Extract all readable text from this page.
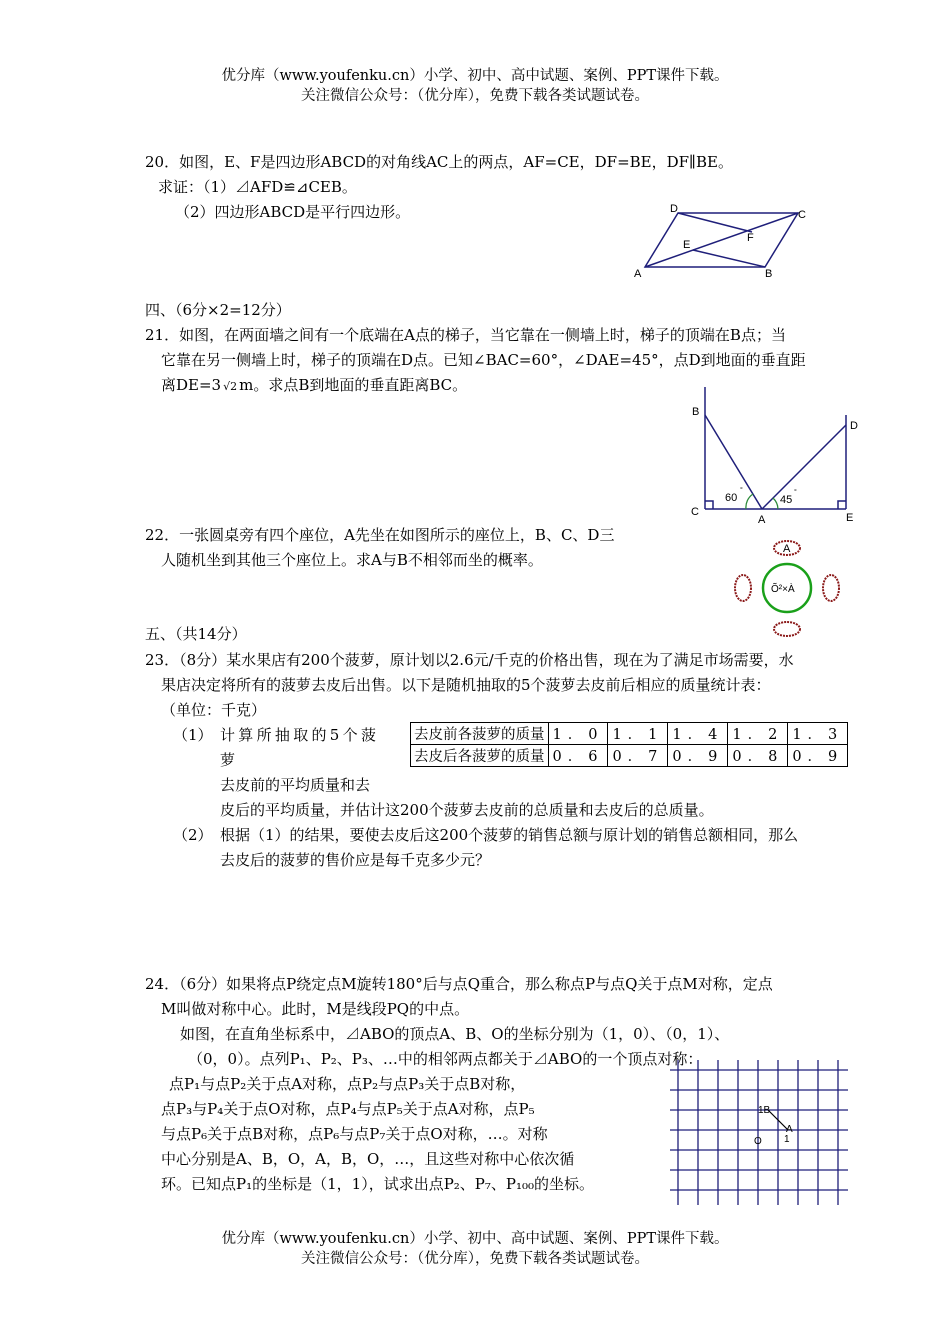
优分库（www.youfenku.cn）小学、初中、高中试题、案例、PPT课件下载。
关注微信公众号：（优分库），免费下载各类试题试卷。
20．如图，E、F是四边形ABCD的对角线AC上的两点，AF=CE，DF=BE，DF∥BE。
求证：（1）⊿AFD≌⊿CEB。
（2）四边形ABCD是平行四边形。
A	B
C
D
E
F
四、（6分×2=12分）
21．如图，在两面墙之间有一个底端在A点的梯子，当它靠在一侧墙上时，梯子的顶端在B点；当
它靠在另一侧墙上时，梯子的顶端在D点。已知∠BAC=60°，∠DAE=45°，点D到地面的垂直距
离DE=3 √2 m。求点B到地面的垂直距离BC。
B
D
C
A	E
60
°
45
°
22．一张圆桌旁有四个座位，A先坐在如图所示的座位上，B、C、D三
人随机坐到其他三个座位上。求A与B不相邻而坐的概率。
A
Õ²×À
五、（共14分）
23．（8分）某水果店有200个菠萝，原计划以2.6元/千克的价格出售，现在为了满足市场需要，水
果店决定将所有的菠萝去皮后出售。以下是随机抽取的5个菠萝去皮前后相应的质量统计表：
（单位：千克）
（1） 计算所抽取的5个菠
萝
去皮前的平均质量和去
皮后的平均质量，并估计这200个菠萝去皮前的总质量和去皮后的总质量。
（2） 根据（1）的结果，要使去皮后这200个菠萝的销售总额与原计划的销售总额相同，那么
去皮后的菠萝的售价应是每千克多少元？
去皮前各菠萝的质量	1．0	1．1	1．4	1．2	1．3
去皮后各菠萝的质量	0．6	0．7	0．9	0．8	0．9
24．（6分）如果将点P绕定点M旋转180°后与点Q重合，那么称点P与点Q关于点M对称，定点
M叫做对称中心。此时，M是线段PQ的中点。
如图，在直角坐标系中，⊿ABO的顶点A、B、O的坐标分别为（1，0）、（0，1）、
（0，0）。点列P₁、P₂、P₃、…中的相邻两点都关于⊿ABO的一个顶点对称：
点P₁与点P₂关于点A对称，点P₂与点P₃关于点B对称，
点P₃与P₄关于点O对称，点P₄与点P₅关于点A对称，点P₅
与点P₆关于点B对称，点P₆与点P₇关于点O对称，…。对称
中心分别是A、B，O，A，B，O，…，且这些对称中心依次循
环。已知点P₁的坐标是（1，1），试求出点P₂、P₇、P₁₀₀的坐标。
1B
O
A
1
优分库（www.youfenku.cn）小学、初中、高中试题、案例、PPT课件下载。
关注微信公众号：（优分库），免费下载各类试题试卷。
